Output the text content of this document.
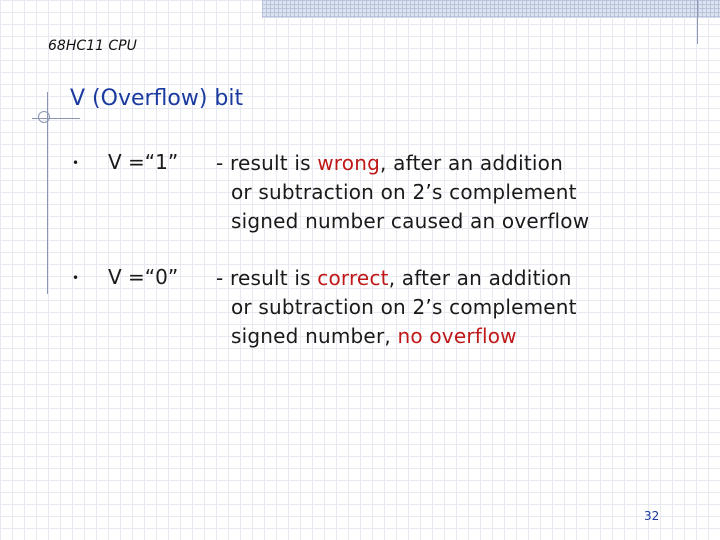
68HC11 CPU
V (Overflow) bit
• V =“1” - result is wrong, after an addition
or subtraction on 2’s complement
signed number caused an overflow
• V =“0” - result is correct, after an addition
or subtraction on 2’s complement
signed number, no overflow
32
